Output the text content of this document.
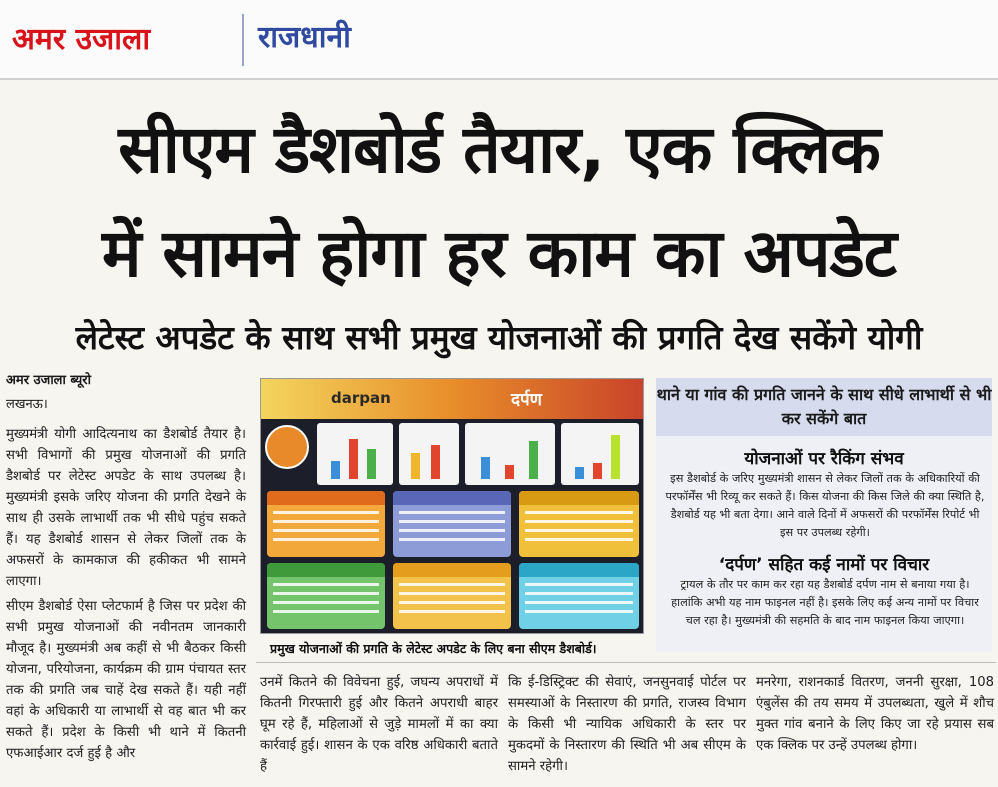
अमर उजाला	राजधानी
सीएम डैशबोर्ड तैयार, एक क्लिक
में सामने होगा हर काम का अपडेट
लेटेस्ट अपडेट के साथ सभी प्रमुख योजनाओं की प्रगति देख सकेंगे योगी
अमर उजाला ब्यूरो
लखनऊ।

मुख्यमंत्री योगी आदित्यनाथ का डैशबोर्ड तैयार है। सभी विभागों की प्रमुख योजनाओं की प्रगति डैशबोर्ड पर लेटेस्ट अपडेट के साथ उपलब्ध है। मुख्यमंत्री इसके जरिए योजना की प्रगति देखने के साथ ही उसके लाभार्थी तक भी सीधे पहुंच सकते हैं। यह डैशबोर्ड शासन से लेकर जिलों तक के अफसरों के कामकाज की हकीकत भी सामने लाएगा।

सीएम डैशबोर्ड ऐसा प्लेटफार्म है जिस पर प्रदेश की सभी प्रमुख योजनाओं की नवीनतम जानकारी मौजूद है। मुख्यमंत्री अब कहीं से भी बैठकर किसी योजना, परियोजना, कार्यक्रम की ग्राम पंचायत स्तर तक की प्रगति जब चाहें देख सकते हैं। यही नहीं वहां के अधिकारी या लाभार्थी से वह बात भी कर सकते हैं। प्रदेश के किसी भी थाने में कितनी एफआईआर दर्ज हुई है और

darpan	दर्पण
प्रमुख योजनाओं की प्रगति के लेटेस्ट अपडेट के लिए बना सीएम डैशबोर्ड।
थाने या गांव की प्रगति जानने के साथ सीधे लाभार्थी से भी कर सकेंगे बात
योजनाओं पर रैकिंग संभव
इस डैशबोर्ड के जरिए मुख्यमंत्री शासन से लेकर जिलों तक के अधिकारियों की परफॉर्मेंस भी रिव्यू कर सकते हैं। किस योजना की किस जिले की क्या स्थिति है, डैशबोर्ड यह भी बता देगा। आने वाले दिनों में अफसरों की परफॉर्मेंस रिपोर्ट भी इस पर उपलब्ध रहेगी।
‘दर्पण’ सहित कई नामों पर विचार
ट्रायल के तौर पर काम कर रहा यह डैशबोर्ड दर्पण नाम से बनाया गया है। हालांकि अभी यह नाम फाइनल नहीं है। इसके लिए कई अन्य नामों पर विचार चल रहा है। मुख्यमंत्री की सहमति के बाद नाम फाइनल किया जाएगा।
उनमें कितने की विवेचना हुई, जघन्य अपराधों में कितनी गिरफ्तारी हुई और कितने अपराधी बाहर घूम रहे हैं, महिलाओं से जुड़े मामलों में का क्या कार्रवाई हुई। शासन के एक वरिष्ठ अधिकारी बताते हैं
कि ई-डिस्ट्रिक्ट की सेवाएं, जनसुनवाई पोर्टल पर समस्याओं के निस्तारण की प्रगति, राजस्व विभाग के किसी भी न्यायिक अधिकारी के स्तर पर मुकदमों के निस्तारण की स्थिति भी अब सीएम के सामने रहेगी।
मनरेगा, राशनकार्ड वितरण, जननी सुरक्षा, 108 एंबुलेंस की तय समय में उपलब्धता, खुले में शौच मुक्त गांव बनाने के लिए किए जा रहे प्रयास सब एक क्लिक पर उन्हें उपलब्ध होगा।
